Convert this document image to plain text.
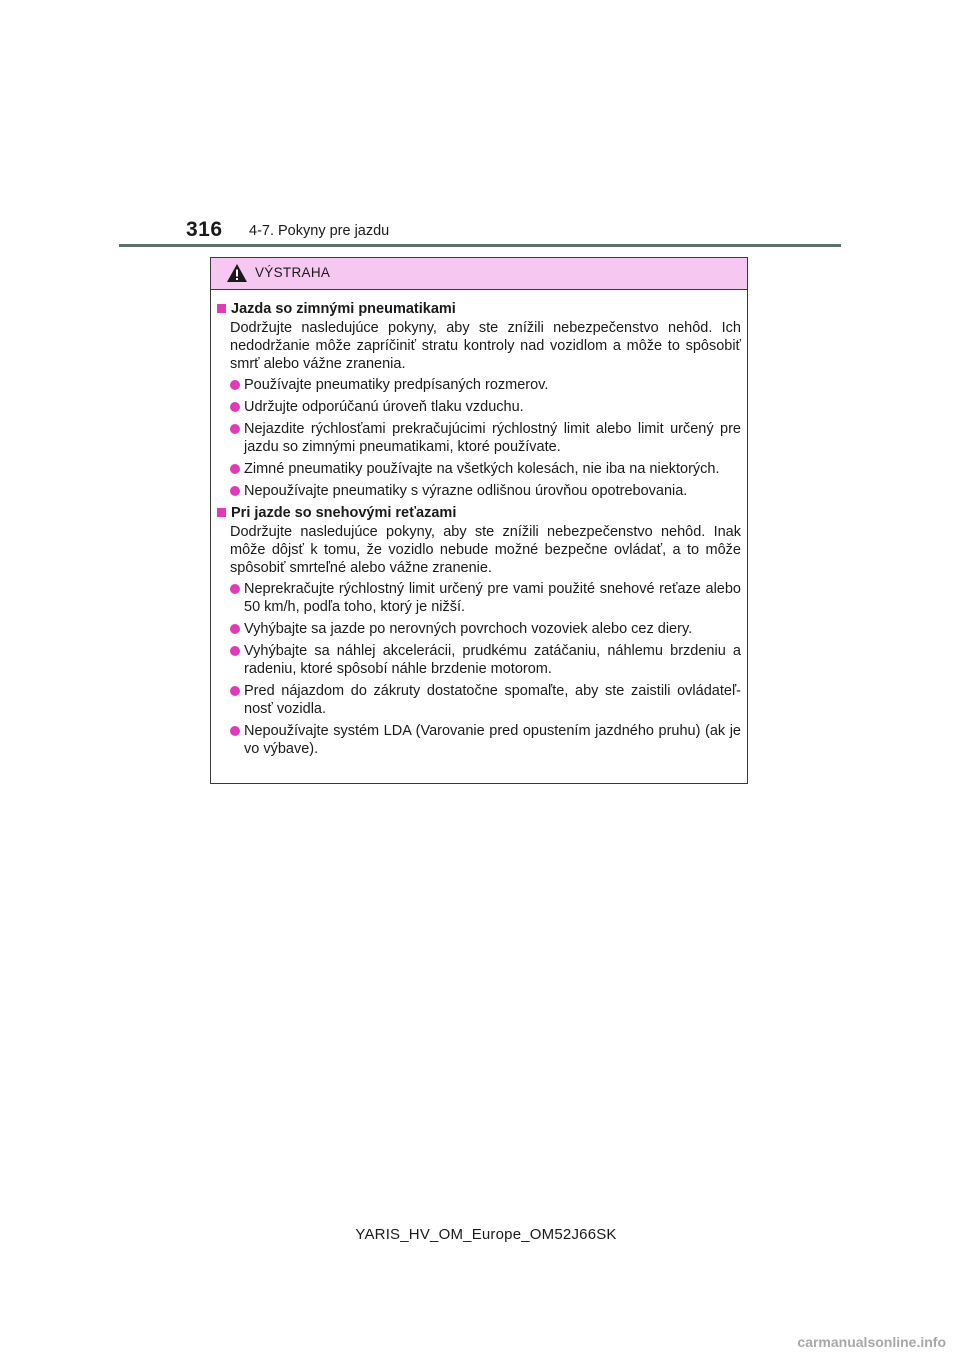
316 4-7. Pokyny pre jazdu
VÝSTRAHA
Jazda so zimnými pneumatikami
Dodržujte nasledujúce pokyny, aby ste znížili nebezpečenstvo nehôd. Ich nedodržanie môže zapríčiniť stratu kontroly nad vozidlom a môže to spôsobiť smrť alebo vážne zranenia.
Používajte pneumatiky predpísaných rozmerov.
Udržujte odporúčanú úroveň tlaku vzduchu.
Nejazdite rýchlosťami prekračujúcimi rýchlostný limit alebo limit určený pre jazdu so zimnými pneumatikami, ktoré používate.
Zimné pneumatiky používajte na všetkých kolesách, nie iba na niektorých.
Nepoužívajte pneumatiky s výrazne odlišnou úrovňou opotrebovania.
Pri jazde so snehovými reťazami
Dodržujte nasledujúce pokyny, aby ste znížili nebezpečenstvo nehôd. Inak môže dôjsť k tomu, že vozidlo nebude možné bezpečne ovládať, a to môže spôsobiť smrteľné alebo vážne zranenie.
Neprekračujte rýchlostný limit určený pre vami použité snehové reťaze alebo 50 km/h, podľa toho, ktorý je nižší.
Vyhýbajte sa jazde po nerovných povrchoch vozoviek alebo cez diery.
Vyhýbajte sa náhlej akcelerácii, prudkému zatáčaniu, náhlemu brzdeniu a radeniu, ktoré spôsobí náhle brzdenie motorom.
Pred nájazdom do zákruty dostatočne spomaľte, aby ste zaistili ovládateľ-nosť vozidla.
Nepoužívajte systém LDA (Varovanie pred opustením jazdného pruhu) (ak je vo výbave).
YARIS_HV_OM_Europe_OM52J66SK
carmanualsonline.info
